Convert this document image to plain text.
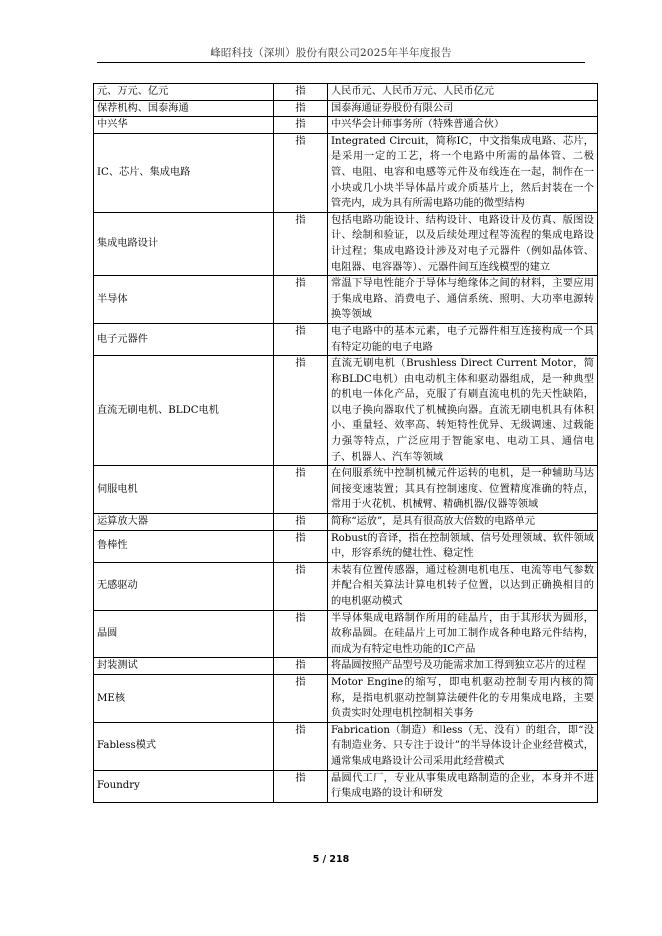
峰昭科技（深圳）股份有限公司2025年半年度报告
元、万元、亿元	指	人民币元、人民币万元、人民币亿元
保荐机构、国泰海通	指	国泰海通证券股份有限公司
中兴华	指	中兴华会计师事务所（特殊普通合伙）
IC、芯片、集成电路	指	Integrated Circuit，简称IC，中文指集成电路、芯片，是采用一定的工艺，将一个电路中所需的晶体管、二极管、电阻、电容和电感等元件及布线连在一起，制作在一小块或几小块半导体晶片或介质基片上，然后封装在一个管壳内，成为具有所需电路功能的微型结构
集成电路设计	指	包括电路功能设计、结构设计、电路设计及仿真、版图设计、绘制和验证，以及后续处理过程等流程的集成电路设计过程；集成电路设计涉及对电子元器件（例如晶体管、电阻器、电容器等）、元器件间互连线模型的建立
半导体	指	常温下导电性能介于导体与绝缘体之间的材料，主要应用于集成电路、消费电子、通信系统、照明、大功率电源转换等领域
电子元器件	指	电子电路中的基本元素，电子元器件相互连接构成一个具有特定功能的电子电路
直流无刷电机、BLDC电机	指	直流无刷电机（Brushless Direct Current Motor，简称BLDC电机）由电动机主体和驱动器组成，是一种典型的机电一体化产品，克服了有刷直流电机的先天性缺陷，以电子换向器取代了机械换向器。直流无刷电机具有体积小、重量轻、效率高、转矩特性优异、无级调速、过载能力强等特点，广泛应用于智能家电、电动工具、通信电子、机器人、汽车等领域
伺服电机	指	在伺服系统中控制机械元件运转的电机，是一种辅助马达间接变速装置；其具有控制速度、位置精度准确的特点，常用于火花机、机械臂、精确机器/仪器等领域
运算放大器	指	简称“运放”，是具有很高放大倍数的电路单元
鲁棒性	指	Robust的音译，指在控制领域、信号处理领域、软件领域中，形容系统的健壮性、稳定性
无感驱动	指	未装有位置传感器，通过检测电机电压、电流等电气参数并配合相关算法计算电机转子位置，以达到正确换相目的的电机驱动模式
晶圆	指	半导体集成电路制作所用的硅晶片，由于其形状为圆形，故称晶圆。在硅晶片上可加工制作成各种电路元件结构，而成为有特定电性功能的IC产品
封装测试	指	将晶圆按照产品型号及功能需求加工得到独立芯片的过程
ME核	指	Motor Engine的缩写，即电机驱动控制专用内核的简称，是指电机驱动控制算法硬件化的专用集成电路，主要负责实时处理电机控制相关事务
Fabless模式	指	Fabrication（制造）和less（无、没有）的组合，即“没有制造业务、只专注于设计”的半导体设计企业经营模式，通常集成电路设计公司采用此经营模式
Foundry	指	晶圆代工厂，专业从事集成电路制造的企业，本身并不进行集成电路的设计和研发
5 / 218
